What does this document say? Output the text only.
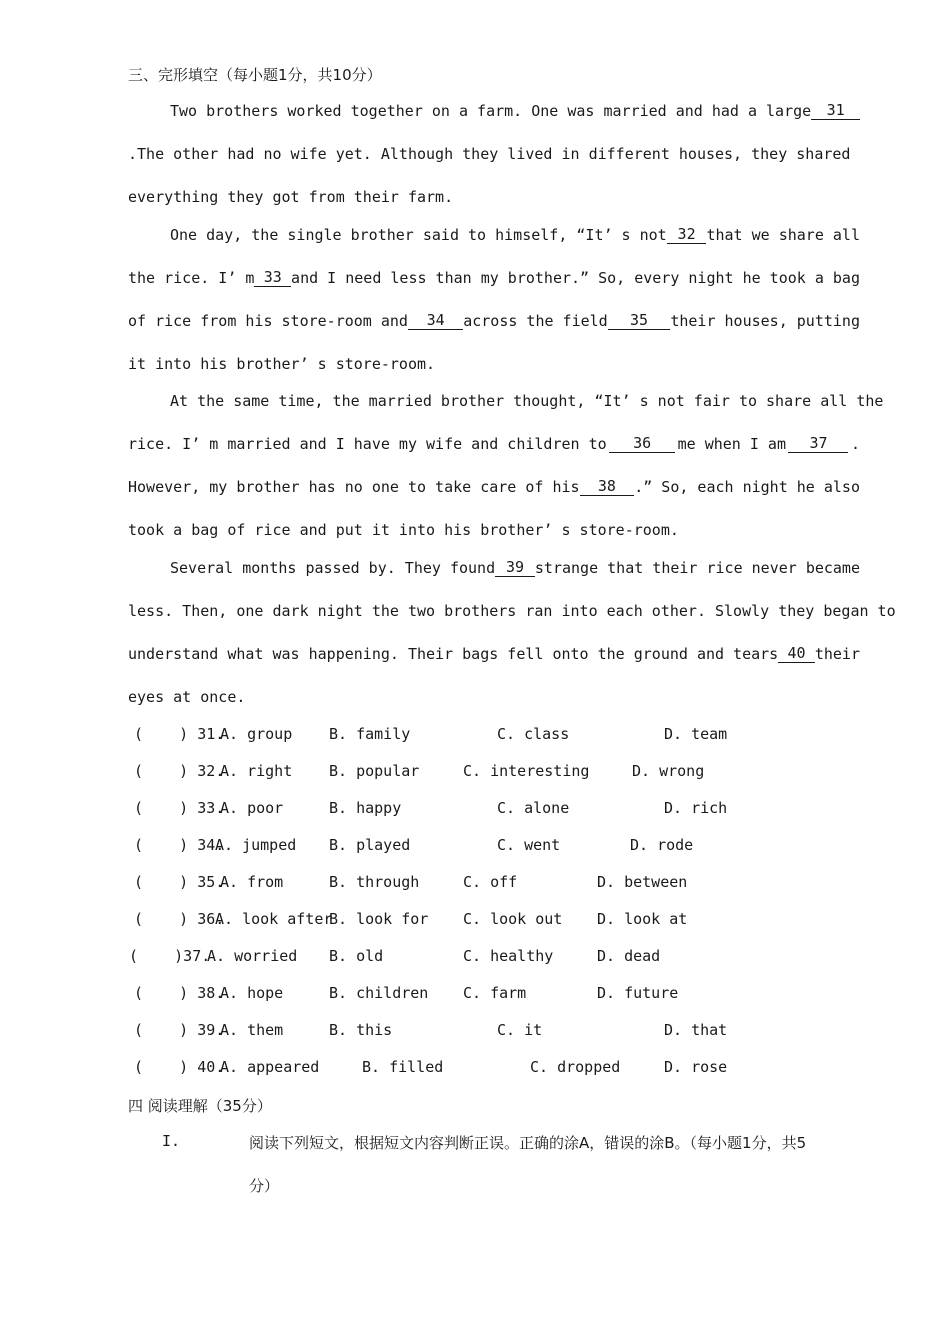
三、完形填空（每小题1分，共10分）
Two brothers worked together on a farm. One was married and had a large	31
.The other had no wife yet. Although they lived in different houses, they shared
everything they got from their farm.
One day, the single brother said to himself, “It’ s not 32 that we share all
the rice. I’ m 33 and I need less than my brother.” So, every night he took a bag
of rice from his store-room and	34	across the field	35	their houses, putting
it into his brother’ s store-room.
At the same time, the married brother thought, “It’ s not fair to share all the
rice. I’ m married and I have my wife and children to	36	me when I am	37	.
However, my brother has no one to take care of his	38	.” So, each night he also
took a bag of rice and put it into his brother’ s store-room.
Several months passed by. They found 39 strange that their rice never became
less. Then, one dark night the two brothers ran into each other. Slowly they began to
understand what was happening. Their bags fell onto the ground and tears 40 their
eyes at once.
(    ) 31.
A. group B. family	C. class	D. team
(    ) 32.
A. right B. popular	C. interesting	D. wrong
(    ) 33.
A. poor	B. happy	C. alone	D. rich
(    ) 34.
A. jumped B. played	C. went	D. rode
(    ) 35.
A. from	B. through	C. off	D. between
(    ) 36.
A. look after
B. look for C. look out D. look at
(    )37.
A. worried B. old	C. healthy	D. dead
(    ) 38.
A. hope	B. children C. farm	D. future
(    ) 39.
A. them	B. this	C. it	D. that
(    ) 40.
A. appeared	B. filled	C. dropped	D. rose
四 阅读理解（35分）
I.	阅读下列短文，根据短文内容判断正误。正确的涂A，错误的涂B。（每小题1分，共5
分）
